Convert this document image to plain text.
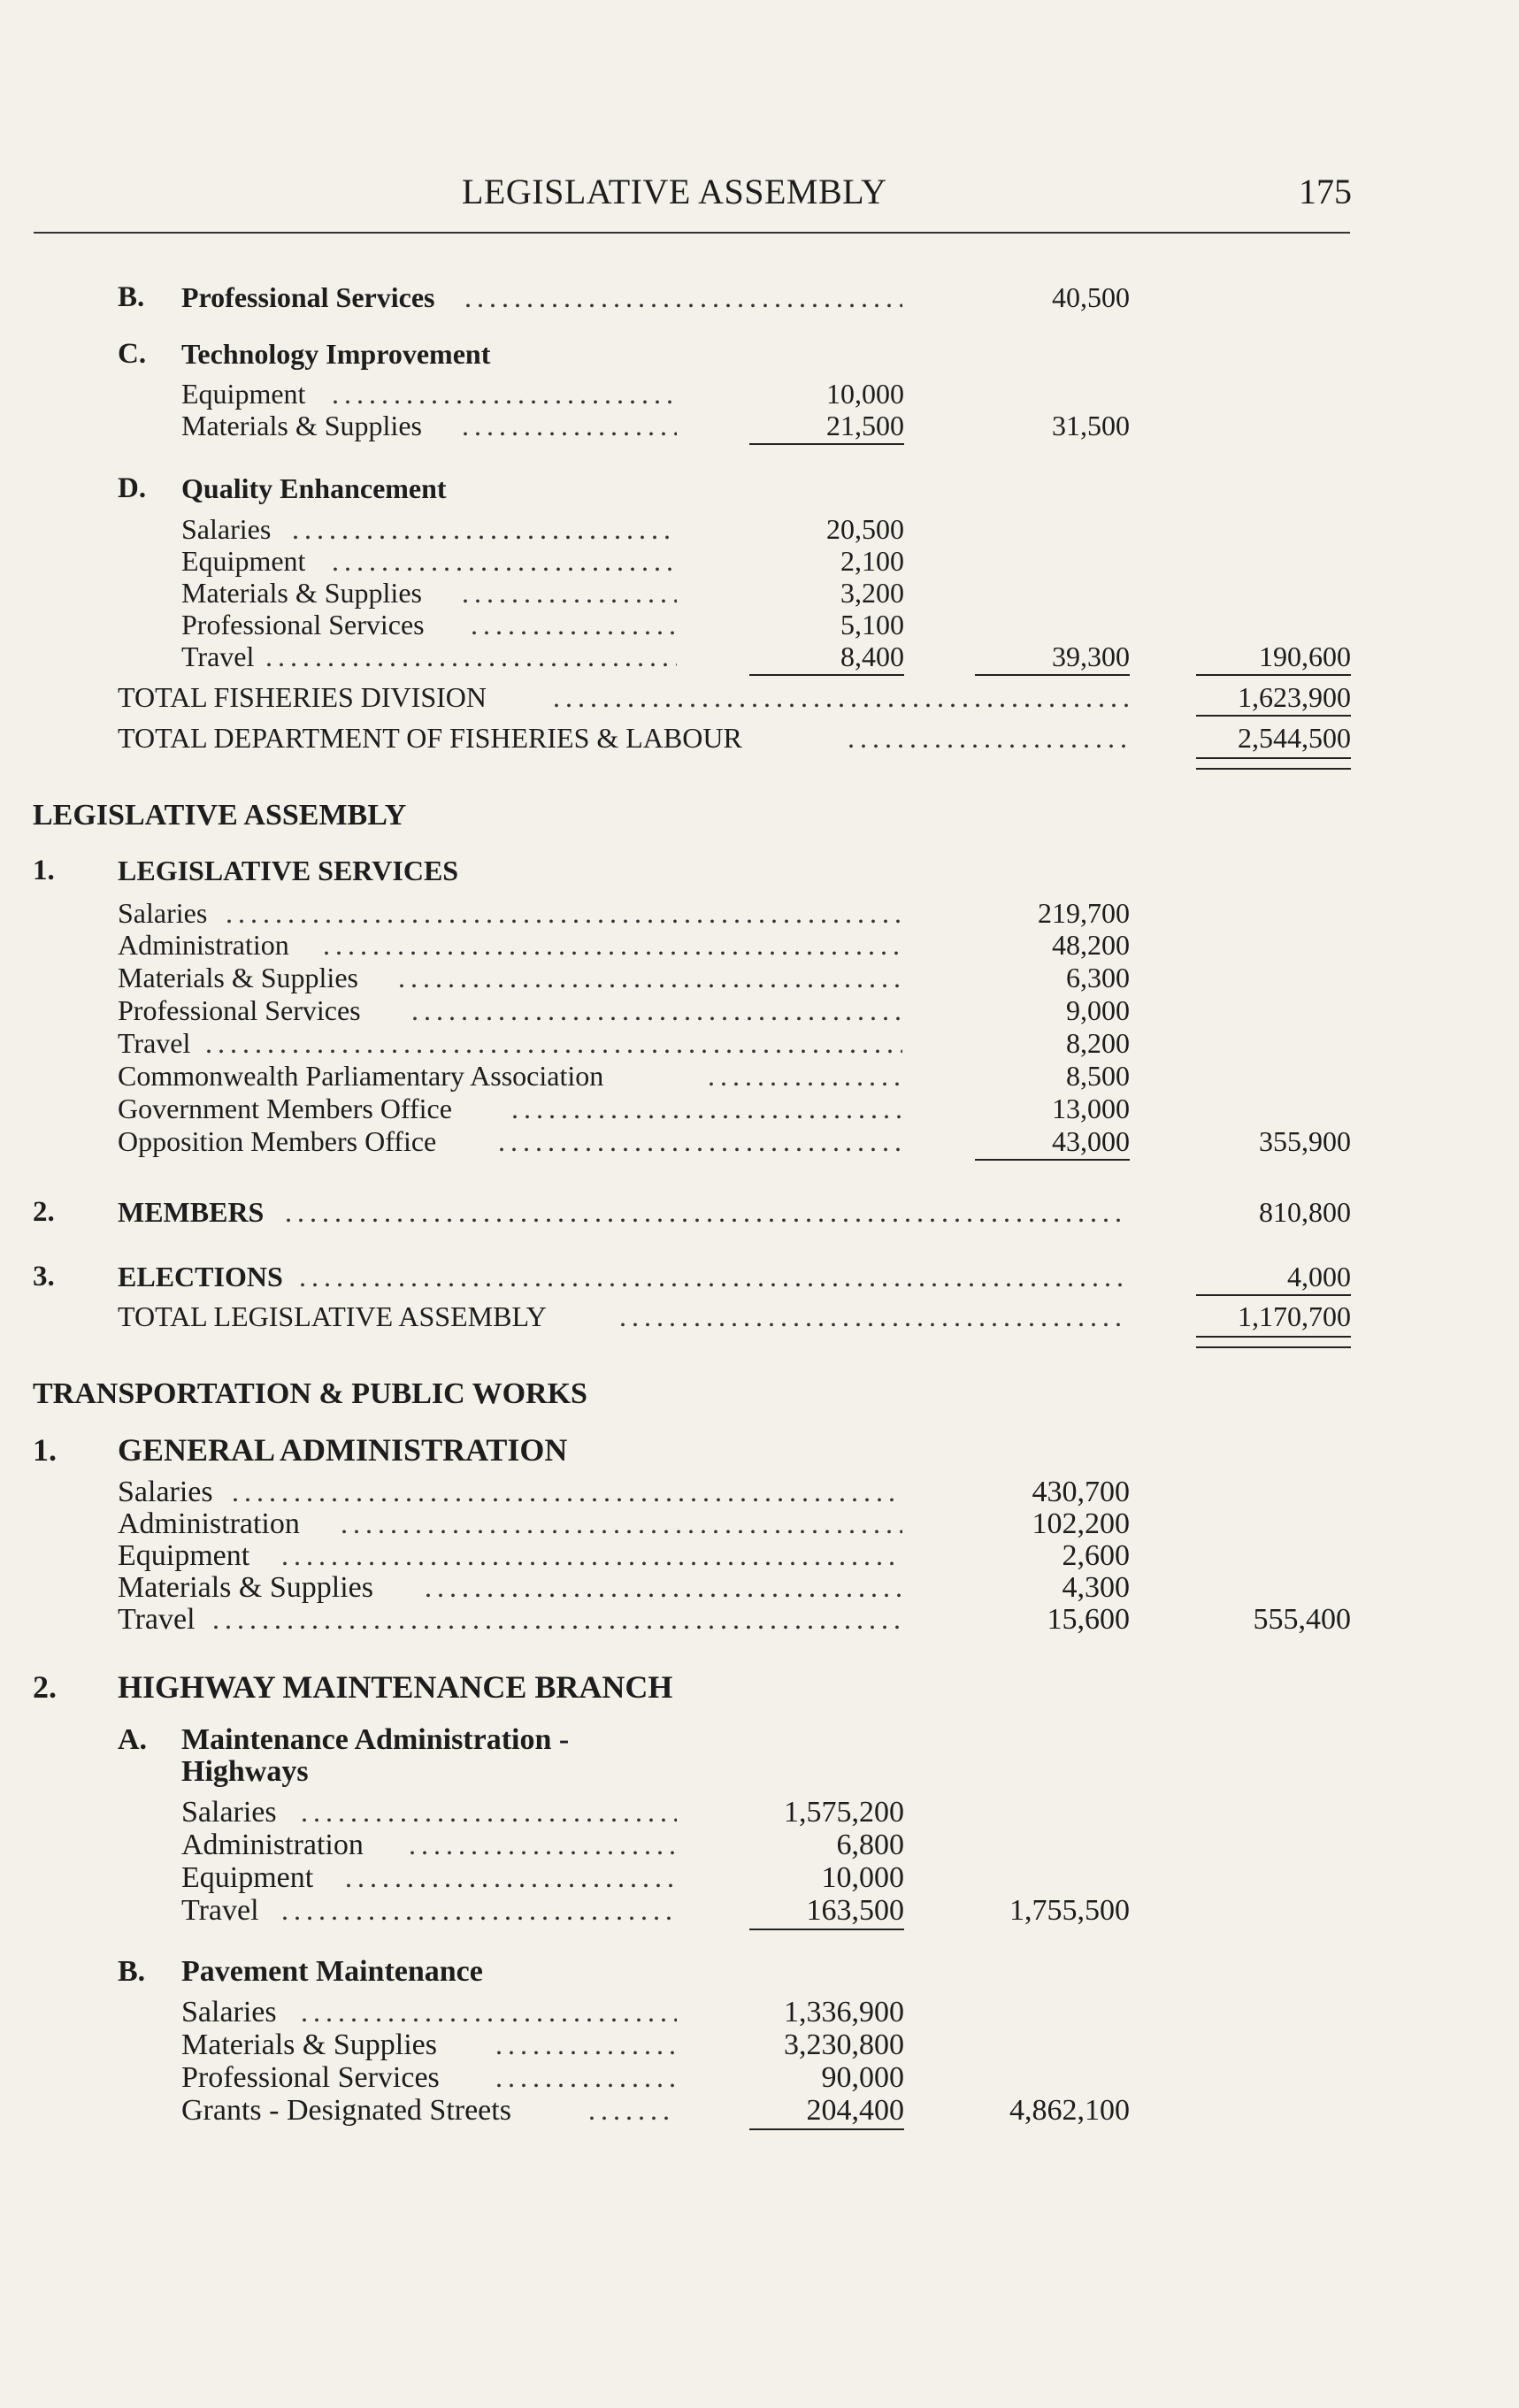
LEGISLATIVE ASSEMBLY	175
B. Professional Services . . .	40,500
C. Technology Improvement
Equipment . . .	10,000
Materials & Supplies . . .	21,500	31,500
D. Quality Enhancement
Salaries . . .	20,500
Equipment . . .	2,100
Materials & Supplies . . .	3,200
Professional Services . . .	5,100
Travel . . .	8,400	39,300	190,600
TOTAL FISHERIES DIVISION . . .	1,623,900
TOTAL DEPARTMENT OF FISHERIES & LABOUR . . .	2,544,500
LEGISLATIVE ASSEMBLY
1. LEGISLATIVE SERVICES
Salaries . . .	219,700
Administration . . .	48,200
Materials & Supplies . . .	6,300
Professional Services . . .	9,000
Travel . . .	8,200
Commonwealth Parliamentary Association . . .	8,500
Government Members Office . . .	13,000
Opposition Members Office . . .	43,000	355,900
2. MEMBERS . . .	810,800
3. ELECTIONS . . .	4,000
TOTAL LEGISLATIVE ASSEMBLY . . .	1,170,700
TRANSPORTATION & PUBLIC WORKS
1. GENERAL ADMINISTRATION
Salaries . . .	430,700
Administration . . .	102,200
Equipment . . .	2,600
Materials & Supplies . . .	4,300
Travel . . .	15,600	555,400
2. HIGHWAY MAINTENANCE BRANCH
A. Maintenance Administration -
Highways
Salaries . . .	1,575,200
Administration . . .	6,800
Equipment . . .	10,000
Travel . . .	163,500	1,755,500
B. Pavement Maintenance
Salaries . . .	1,336,900
Materials & Supplies . . .	3,230,800
Professional Services . . .	90,000
Grants - Designated Streets . . .	204,400	4,862,100
